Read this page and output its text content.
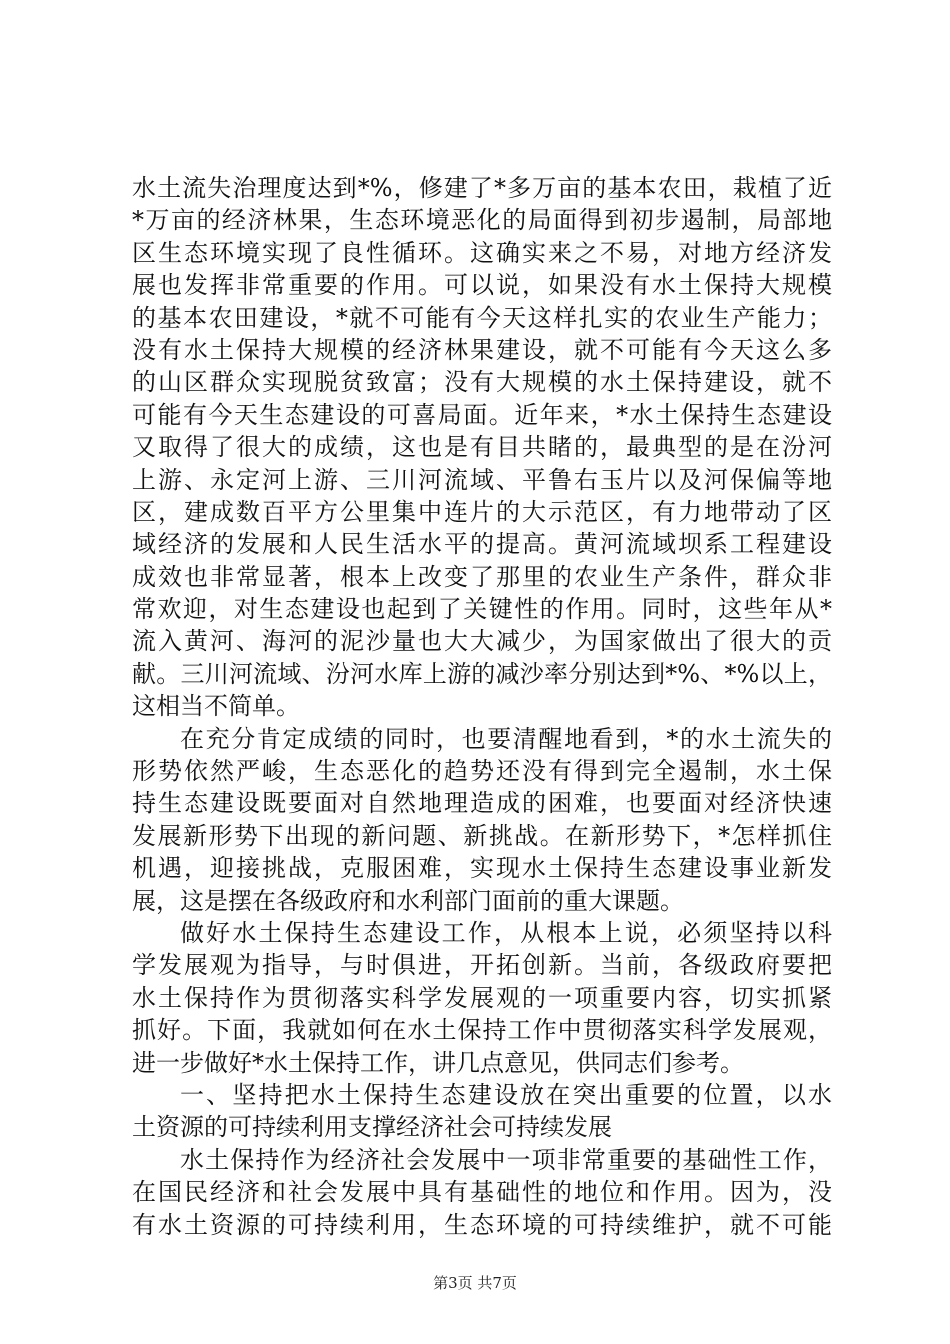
水土流失治理度达到*%，修建了*多万亩的基本农田，栽植了近
*万亩的经济林果，生态环境恶化的局面得到初步遏制，局部地
区生态环境实现了良性循环。这确实来之不易，对地方经济发
展也发挥非常重要的作用。可以说，如果没有水土保持大规模
的基本农田建设，*就不可能有今天这样扎实的农业生产能力；
没有水土保持大规模的经济林果建设，就不可能有今天这么多
的山区群众实现脱贫致富；没有大规模的水土保持建设，就不
可能有今天生态建设的可喜局面。近年来，*水土保持生态建设
又取得了很大的成绩，这也是有目共睹的，最典型的是在汾河
上游、永定河上游、三川河流域、平鲁右玉片以及河保偏等地
区，建成数百平方公里集中连片的大示范区，有力地带动了区
域经济的发展和人民生活水平的提高。黄河流域坝系工程建设
成效也非常显著，根本上改变了那里的农业生产条件，群众非
常欢迎，对生态建设也起到了关键性的作用。同时，这些年从*
流入黄河、海河的泥沙量也大大减少，为国家做出了很大的贡
献。三川河流域、汾河水库上游的减沙率分别达到*%、*%以上，
这相当不简单。
在充分肯定成绩的同时，也要清醒地看到，*的水土流失的
形势依然严峻，生态恶化的趋势还没有得到完全遏制，水土保
持生态建设既要面对自然地理造成的困难，也要面对经济快速
发展新形势下出现的新问题、新挑战。在新形势下，*怎样抓住
机遇，迎接挑战，克服困难，实现水土保持生态建设事业新发
展，这是摆在各级政府和水利部门面前的重大课题。
做好水土保持生态建设工作，从根本上说，必须坚持以科
学发展观为指导，与时俱进，开拓创新。当前，各级政府要把
水土保持作为贯彻落实科学发展观的一项重要内容，切实抓紧
抓好。下面，我就如何在水土保持工作中贯彻落实科学发展观，
进一步做好*水土保持工作，讲几点意见，供同志们参考。
一、坚持把水土保持生态建设放在突出重要的位置，以水
土资源的可持续利用支撑经济社会可持续发展
水土保持作为经济社会发展中一项非常重要的基础性工作，
在国民经济和社会发展中具有基础性的地位和作用。因为，没
有水土资源的可持续利用，生态环境的可持续维护，就不可能
第3页 共7页
